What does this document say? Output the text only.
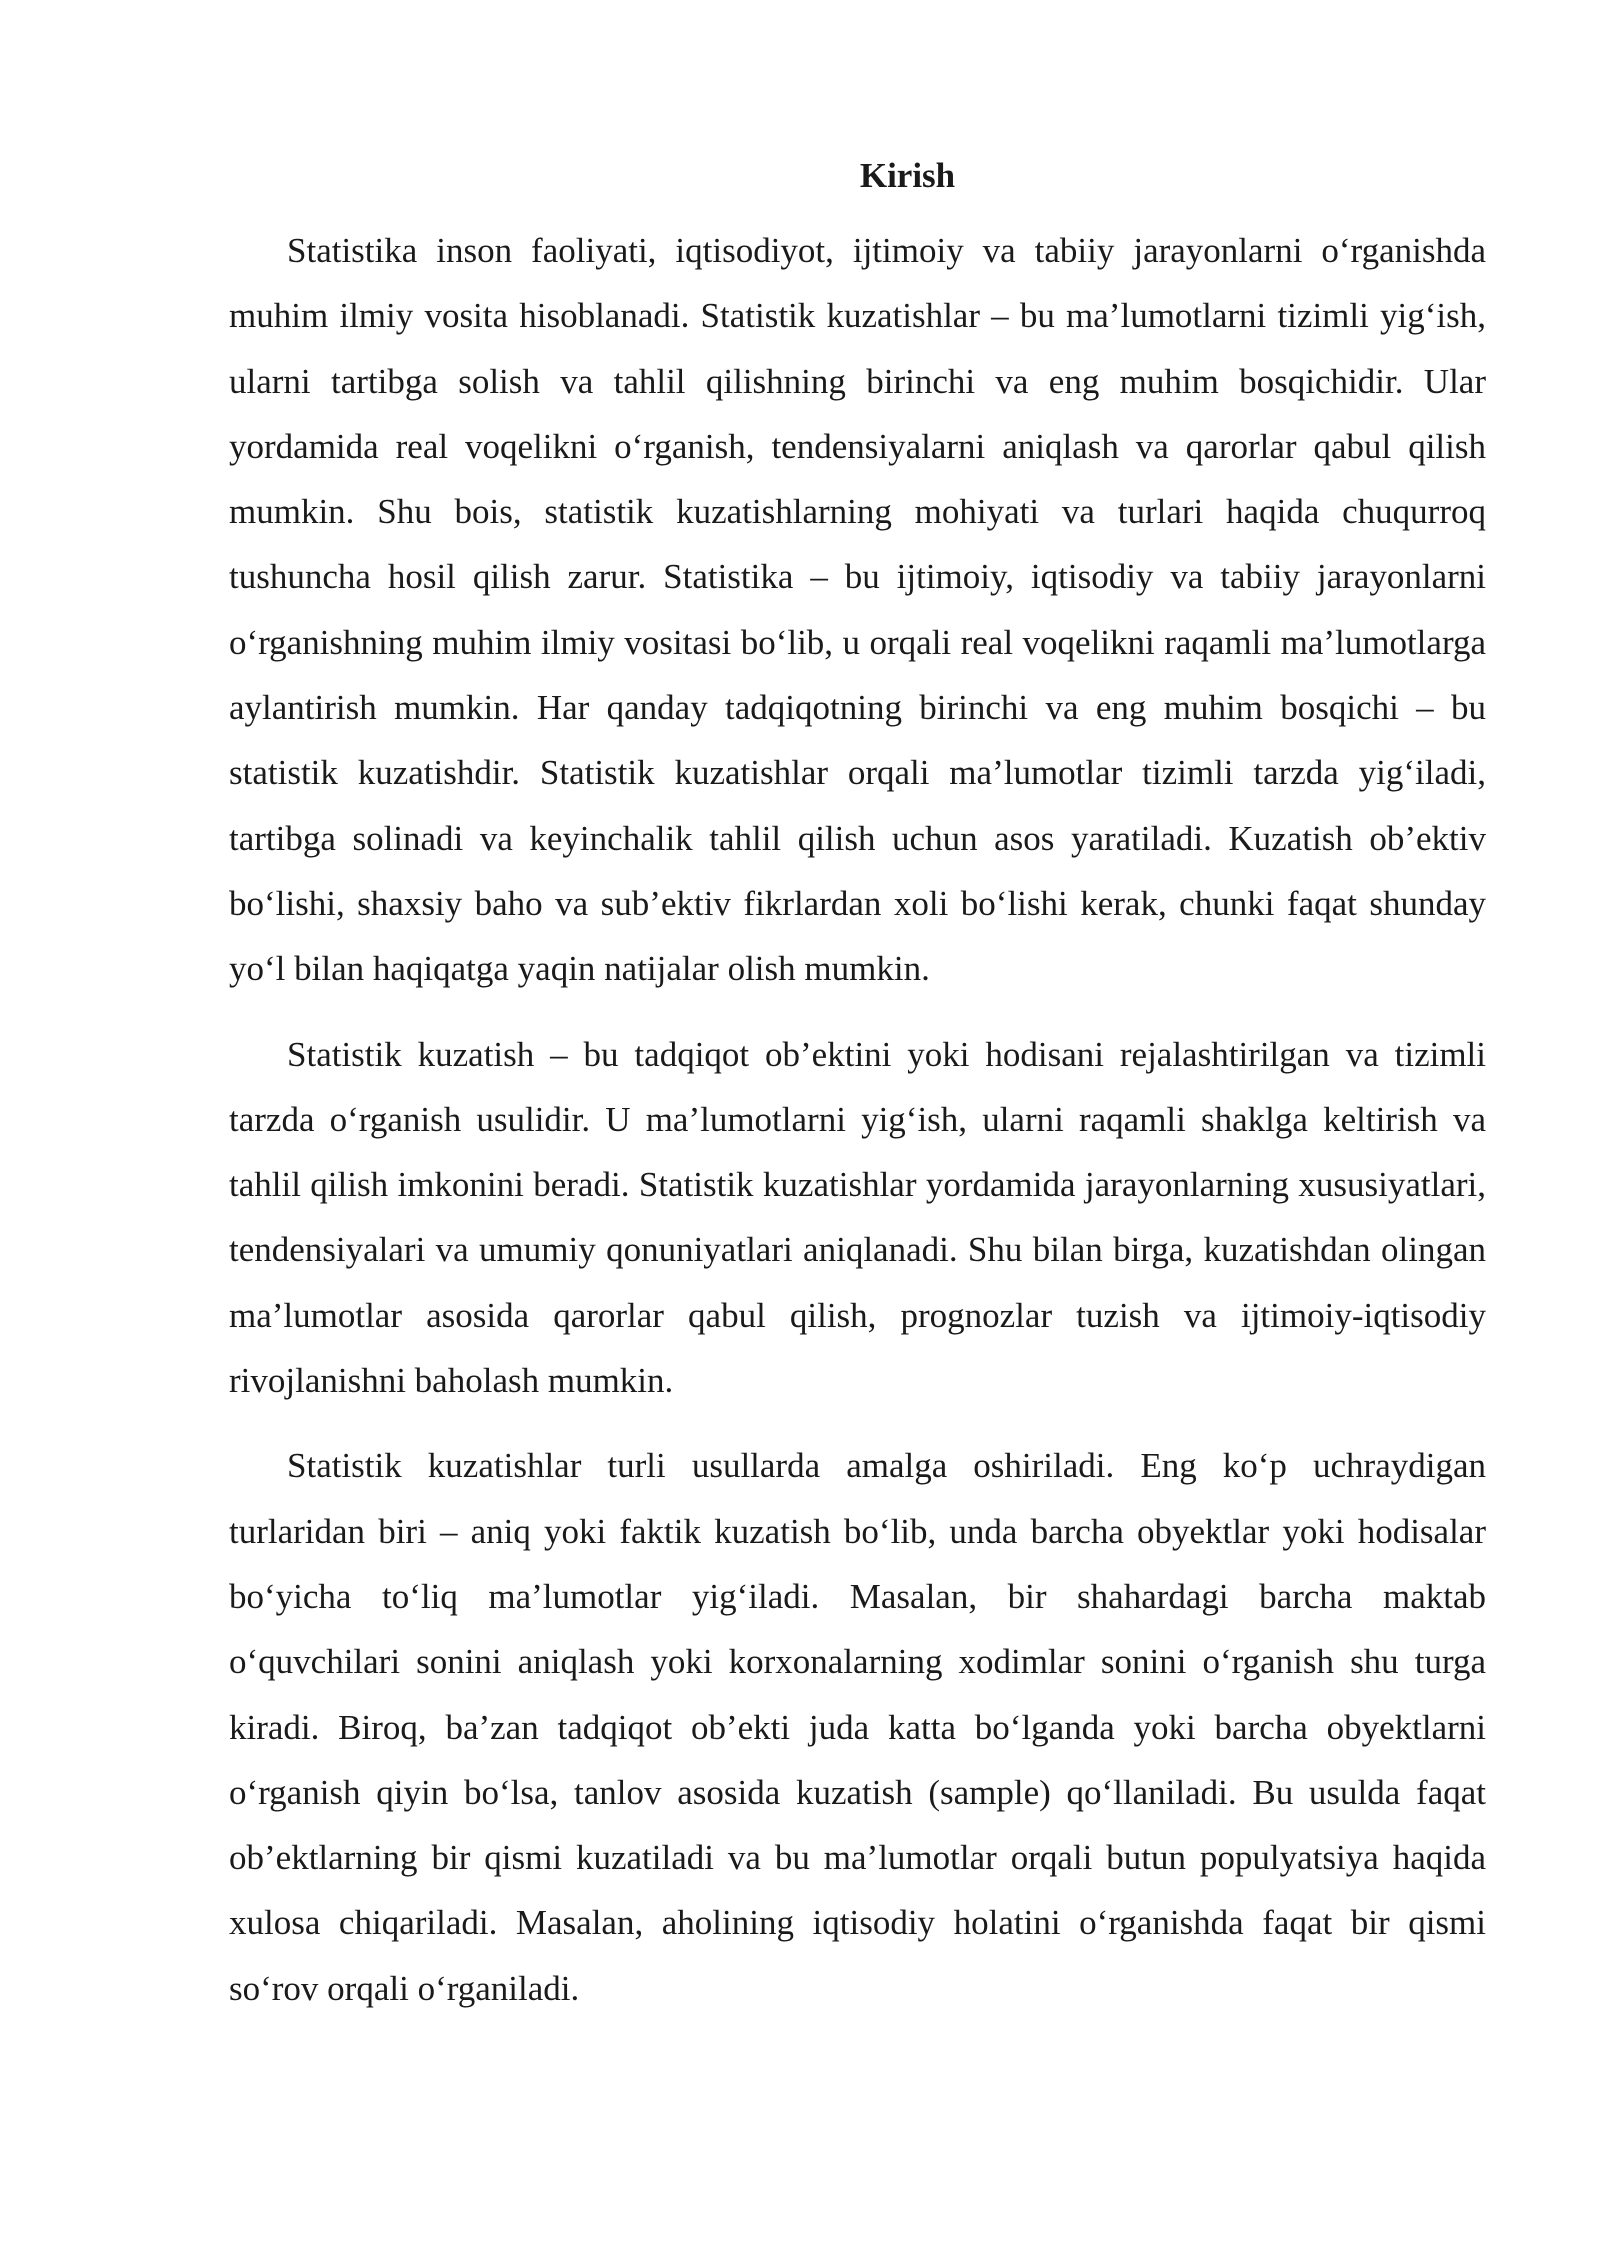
Kirish

Statistika inson faoliyati, iqtisodiyot, ijtimoiy va tabiiy jarayonlarni o‘rganishda muhim ilmiy vosita hisoblanadi. Statistik kuzatishlar – bu ma’lumotlarni tizimli yig‘ish, ularni tartibga solish va tahlil qilishning birinchi va eng muhim bosqichidir. Ular yordamida real voqelikni o‘rganish, tendensiyalarni aniqlash va qarorlar qabul qilish mumkin. Shu bois, statistik kuzatishlarning mohiyati va turlari haqida chuqurroq tushuncha hosil qilish zarur. Statistika – bu ijtimoiy, iqtisodiy va tabiiy jarayonlarni o‘rganishning muhim ilmiy vositasi bo‘lib, u orqali real voqelikni raqamli ma’lumotlarga aylantirish mumkin. Har qanday tadqiqotning birinchi va eng muhim bosqichi – bu statistik kuzatishdir. Statistik kuzatishlar orqali ma’lumotlar tizimli tarzda yig‘iladi, tartibga solinadi va keyinchalik tahlil qilish uchun asos yaratiladi. Kuzatish ob’ektiv bo‘lishi, shaxsiy baho va sub’ektiv fikrlardan xoli bo‘lishi kerak, chunki faqat shunday yo‘l bilan haqiqatga yaqin natijalar olish mumkin.

Statistik kuzatish – bu tadqiqot ob’ektini yoki hodisani rejalashtirilgan va tizimli tarzda o‘rganish usulidir. U ma’lumotlarni yig‘ish, ularni raqamli shaklga keltirish va tahlil qilish imkonini beradi. Statistik kuzatishlar yordamida jarayonlarning xususiyatlari, tendensiyalari va umumiy qonuniyatlari aniqlanadi. Shu bilan birga, kuzatishdan olingan ma’lumotlar asosida qarorlar qabul qilish, prognozlar tuzish va ijtimoiy-iqtisodiy rivojlanishni baholash mumkin.

Statistik kuzatishlar turli usullarda amalga oshiriladi. Eng ko‘p uchraydigan turlaridan biri – aniq yoki faktik kuzatish bo‘lib, unda barcha obyektlar yoki hodisalar bo‘yicha to‘liq ma’lumotlar yig‘iladi. Masalan, bir shahardagi barcha maktab o‘quvchilari sonini aniqlash yoki korxonalarning xodimlar sonini o‘rganish shu turga kiradi. Biroq, ba’zan tadqiqot ob’ekti juda katta bo‘lganda yoki barcha obyektlarni o‘rganish qiyin bo‘lsa, tanlov asosida kuzatish (sample) qo‘llaniladi. Bu usulda faqat ob’ektlarning bir qismi kuzatiladi va bu ma’lumotlar orqali butun populyatsiya haqida xulosa chiqariladi. Masalan, aholining iqtisodiy holatini o‘rganishda faqat bir qismi so‘rov orqali o‘rganiladi.
